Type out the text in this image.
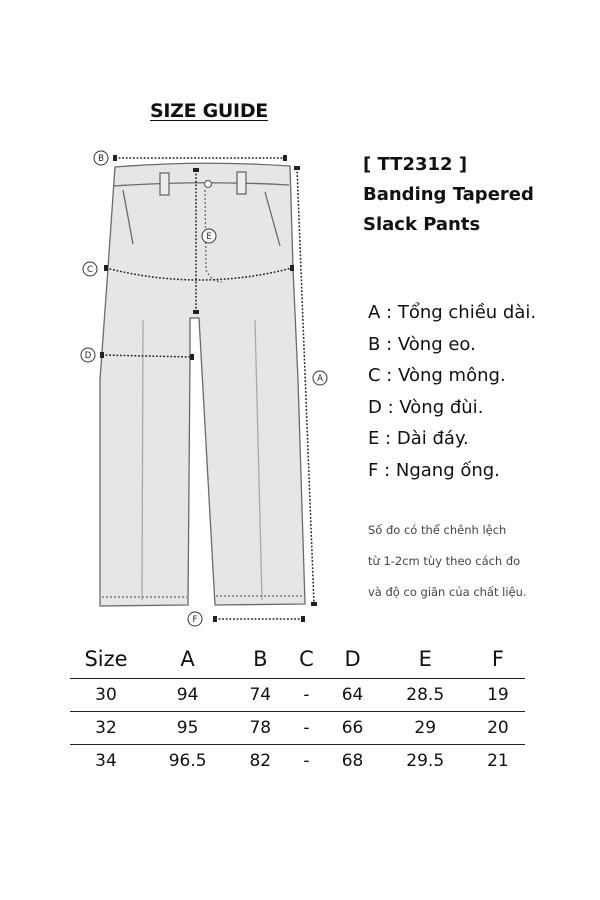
SIZE GUIDE
B
C
D
E
A
F
[ TT2312 ]
Banding Tapered
Slack Pants
A : Tổng chiều dài.
B : Vòng eo.
C : Vòng mông.
D : Vòng đùi.
E : Dài đáy.
F : Ngang ống.
Số đo có thể chênh lệch
từ 1-2cm tùy theo cách đo
và độ co giãn của chất liệu.
Size	A	B	C	D	E	F
30	94	74	-	64	28.5	19
32	95	78	-	66	29	20
34	96.5	82	-	68	29.5	21
